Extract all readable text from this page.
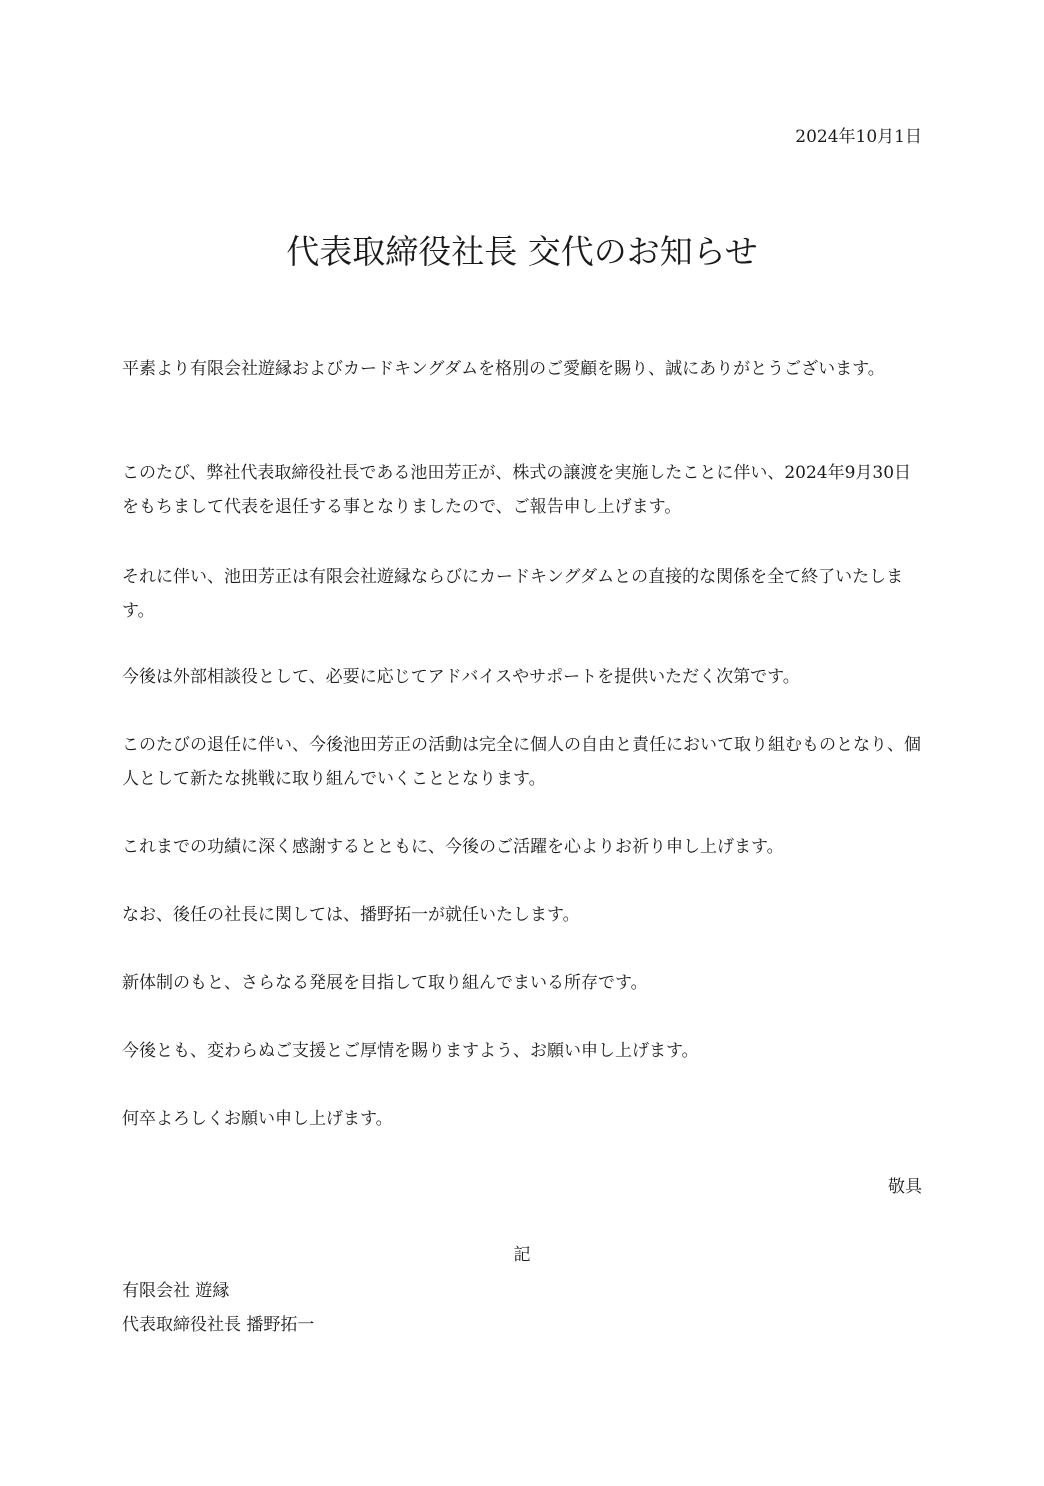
2024年10月1日
代表取締役社長 交代のお知らせ

平素より有限会社遊縁およびカードキングダムを格別のご愛顧を賜り、誠にありがとうございます。

このたび、弊社代表取締役社長である池田芳正が、株式の譲渡を実施したことに伴い、2024年9月30日をもちまして代表を退任する事となりましたので、ご報告申し上げます。

それに伴い、池田芳正は有限会社遊縁ならびにカードキングダムとの直接的な関係を全て終了いたします。

今後は外部相談役として、必要に応じてアドバイスやサポートを提供いただく次第です。

このたびの退任に伴い、今後池田芳正の活動は完全に個人の自由と責任において取り組むものとなり、個人として新たな挑戦に取り組んでいくこととなります。

これまでの功績に深く感謝するとともに、今後のご活躍を心よりお祈り申し上げます。

なお、後任の社長に関しては、播野拓一が就任いたします。

新体制のもと、さらなる発展を目指して取り組んでまいる所存です。

今後とも、変わらぬご支援とご厚情を賜りますよう、お願い申し上げます。

何卒よろしくお願い申し上げます。

敬具
記
有限会社 遊縁
代表取締役社長 播野拓一
